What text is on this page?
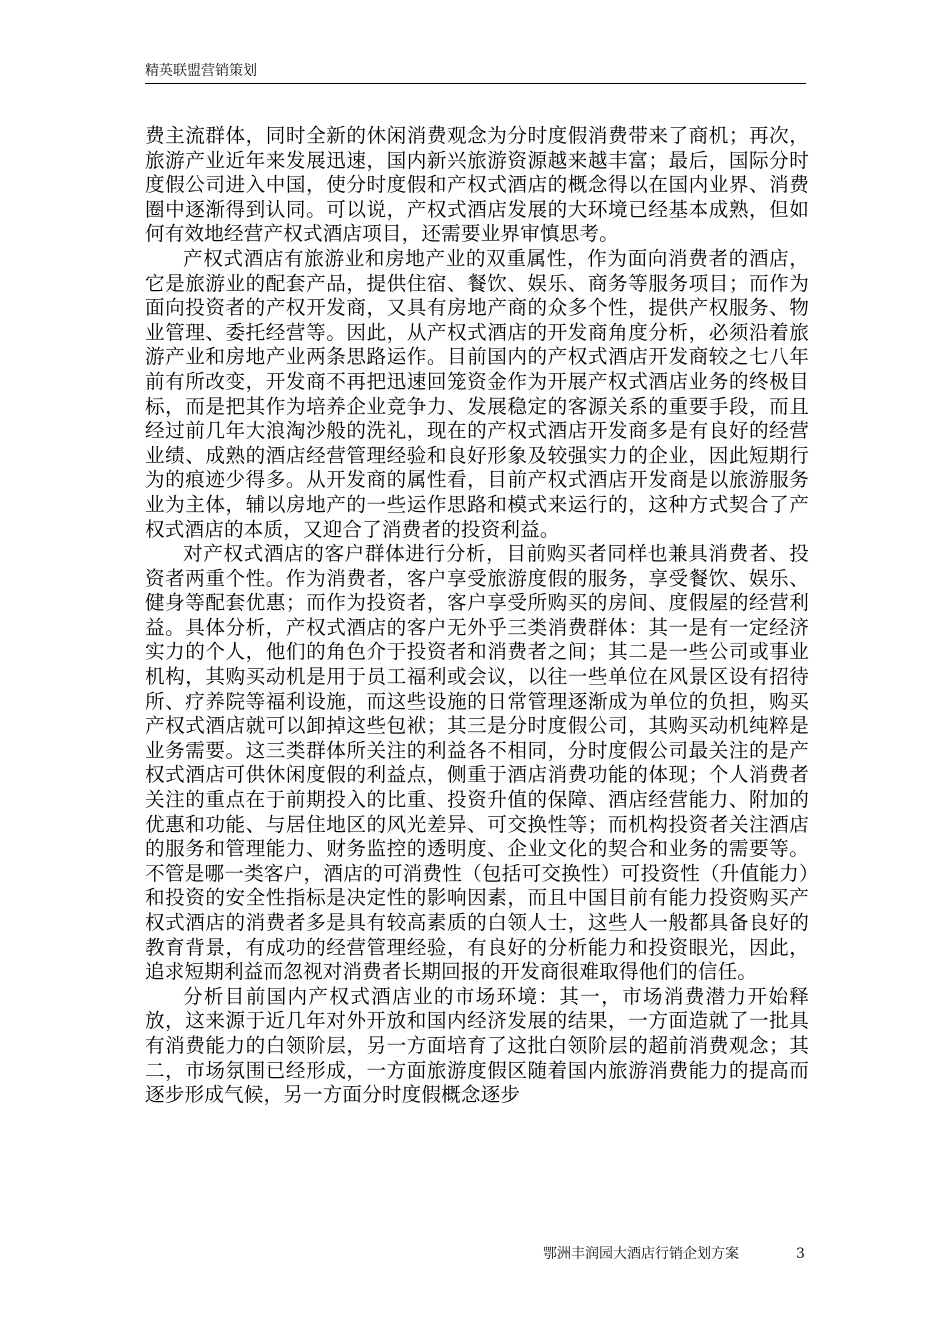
精英联盟营销策划

费主流群体，同时全新的休闲消费观念为分时度假消费带来了商机；再次，旅游产业近年来发展迅速，国内新兴旅游资源越来越丰富；最后，国际分时度假公司进入中国，使分时度假和产权式酒店的概念得以在国内业界、消费圈中逐渐得到认同。可以说，产权式酒店发展的大环境已经基本成熟，但如何有效地经营产权式酒店项目，还需要业界审慎思考。

产权式酒店有旅游业和房地产业的双重属性，作为面向消费者的酒店，它是旅游业的配套产品，提供住宿、餐饮、娱乐、商务等服务项目；而作为面向投资者的产权开发商，又具有房地产商的众多个性，提供产权服务、物业管理、委托经营等。因此，从产权式酒店的开发商角度分析，必须沿着旅游产业和房地产业两条思路运作。目前国内的产权式酒店开发商较之七八年前有所改变，开发商不再把迅速回笼资金作为开展产权式酒店业务的终极目标，而是把其作为培养企业竞争力、发展稳定的客源关系的重要手段，而且经过前几年大浪淘沙般的洗礼，现在的产权式酒店开发商多是有良好的经营业绩、成熟的酒店经营管理经验和良好形象及较强实力的企业，因此短期行为的痕迹少得多。从开发商的属性看，目前产权式酒店开发商是以旅游服务业为主体，辅以房地产的一些运作思路和模式来运行的，这种方式契合了产权式酒店的本质，又迎合了消费者的投资利益。

对产权式酒店的客户群体进行分析，目前购买者同样也兼具消费者、投资者两重个性。作为消费者，客户享受旅游度假的服务，享受餐饮、娱乐、健身等配套优惠；而作为投资者，客户享受所购买的房间、度假屋的经营利益。具体分析，产权式酒店的客户无外乎三类消费群体：其一是有一定经济实力的个人，他们的角色介于投资者和消费者之间；其二是一些公司或事业机构，其购买动机是用于员工福利或会议，以往一些单位在风景区设有招待所、疗养院等福利设施，而这些设施的日常管理逐渐成为单位的负担，购买产权式酒店就可以卸掉这些包袱；其三是分时度假公司，其购买动机纯粹是业务需要。这三类群体所关注的利益各不相同，分时度假公司最关注的是产权式酒店可供休闲度假的利益点，侧重于酒店消费功能的体现；个人消费者关注的重点在于前期投入的比重、投资升值的保障、酒店经营能力、附加的优惠和功能、与居住地区的风光差异、可交换性等；而机构投资者关注酒店的服务和管理能力、财务监控的透明度、企业文化的契合和业务的需要等。不管是哪一类客户，酒店的可消费性（包括可交换性）可投资性（升值能力）和投资的安全性指标是决定性的影响因素，而且中国目前有能力投资购买产权式酒店的消费者多是具有较高素质的白领人士，这些人一般都具备良好的教育背景，有成功的经营管理经验，有良好的分析能力和投资眼光，因此，追求短期利益而忽视对消费者长期回报的开发商很难取得他们的信任。

分析目前国内产权式酒店业的市场环境：其一，市场消费潜力开始释放，这来源于近几年对外开放和国内经济发展的结果，一方面造就了一批具有消费能力的白领阶层，另一方面培育了这批白领阶层的超前消费观念；其二，市场氛围已经形成，一方面旅游度假区随着国内旅游消费能力的提高而逐步形成气候，另一方面分时度假概念逐步

鄂洲丰润园大酒店行销企划方案	3
